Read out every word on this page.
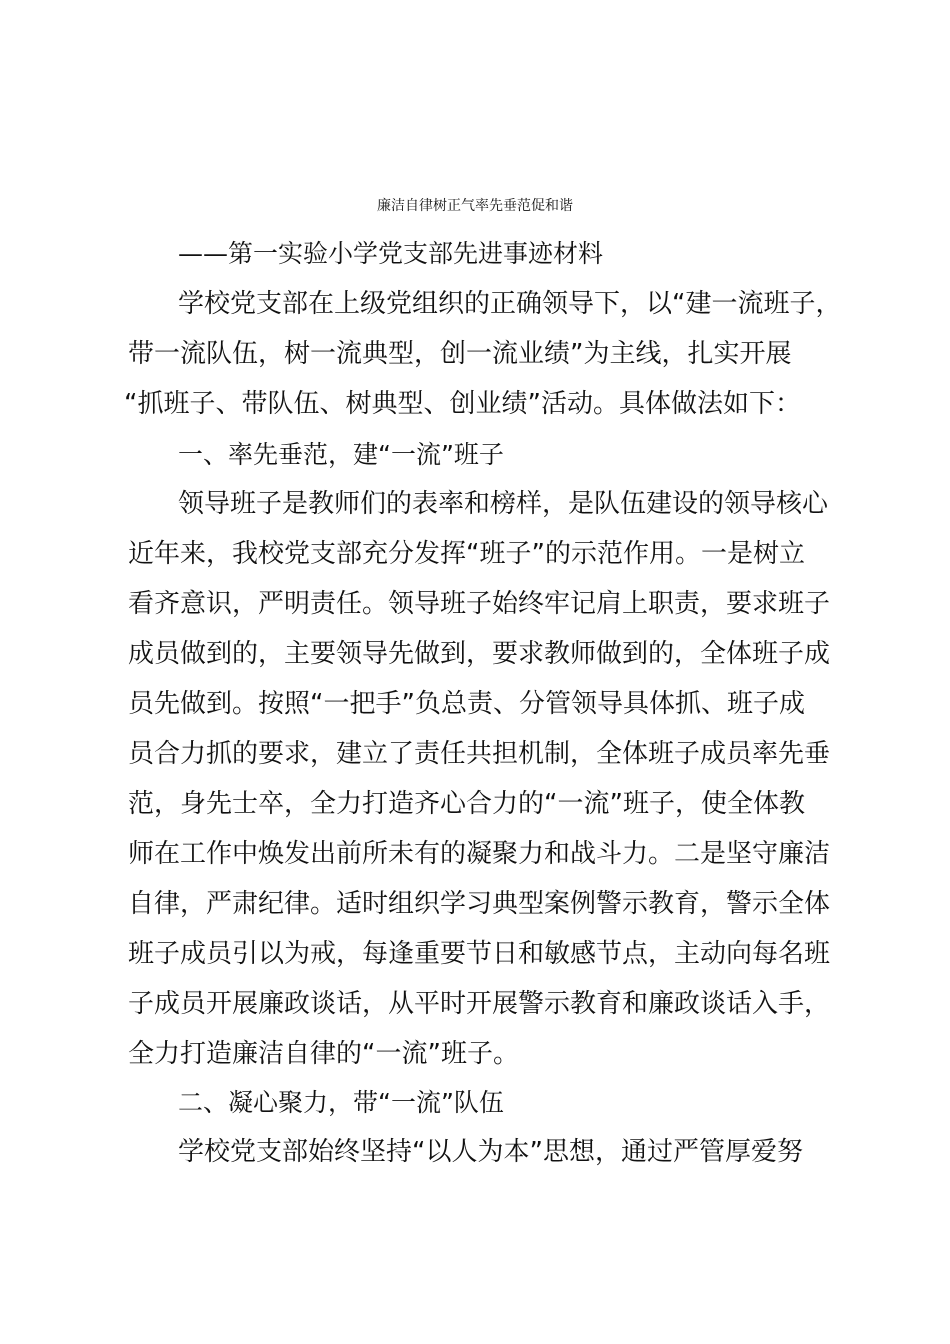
廉洁自律树正气率先垂范促和谐
——第一实验小学党支部先进事迹材料
学校党支部在上级党组织的正确领导下，以“建一流班子，
带一流队伍，树一流典型，创一流业绩”为主线，扎实开展
“抓班子、带队伍、树典型、创业绩”活动。具体做法如下：
一、率先垂范，建“一流”班子
领导班子是教师们的表率和榜样，是队伍建设的领导核心
近年来，我校党支部充分发挥“班子”的示范作用。一是树立
看齐意识，严明责任。领导班子始终牢记肩上职责，要求班子
成员做到的，主要领导先做到，要求教师做到的，全体班子成
员先做到。按照“一把手”负总责、分管领导具体抓、班子成
员合力抓的要求，建立了责任共担机制，全体班子成员率先垂
范，身先士卒，全力打造齐心合力的“一流”班子，使全体教
师在工作中焕发出前所未有的凝聚力和战斗力。二是坚守廉洁
自律，严肃纪律。适时组织学习典型案例警示教育，警示全体
班子成员引以为戒，每逢重要节日和敏感节点，主动向每名班
子成员开展廉政谈话，从平时开展警示教育和廉政谈话入手，
全力打造廉洁自律的“一流”班子。
二、凝心聚力，带“一流”队伍
学校党支部始终坚持“以人为本”思想，通过严管厚爱努
